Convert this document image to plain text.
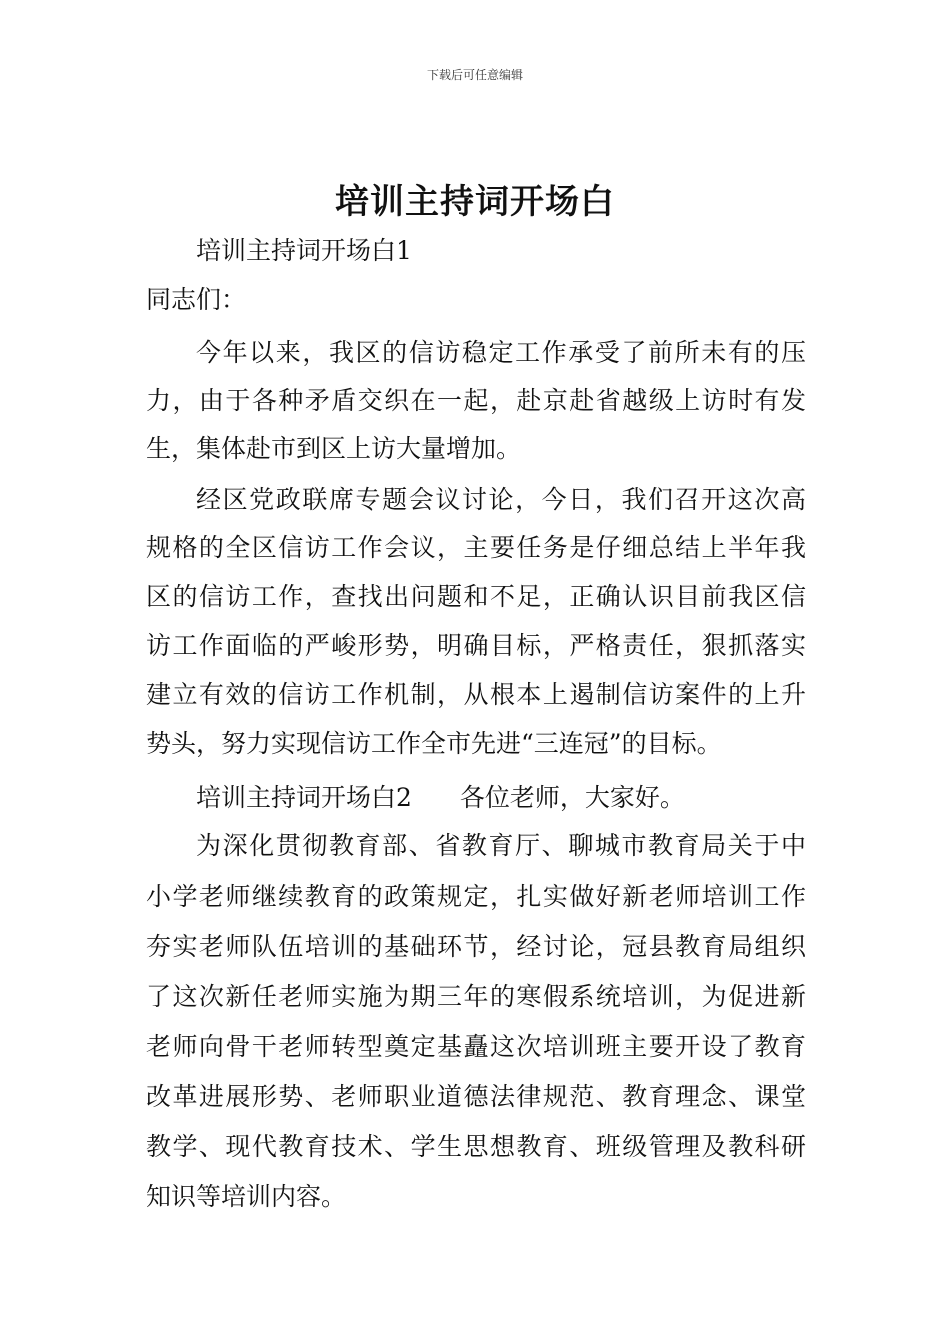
下载后可任意编辑
培训主持词开场白
培训主持词开场白1
同志们：
今年以来，我区的信访稳定工作承受了前所未有的压
力，由于各种矛盾交织在一起，赴京赴省越级上访时有发
生，集体赴市到区上访大量增加。
经区党政联席专题会议讨论，今日，我们召开这次高
规格的全区信访工作会议，主要任务是仔细总结上半年我
区的信访工作，查找出问题和不足，正确认识目前我区信
访工作面临的严峻形势，明确目标，严格责任，狠抓落实
建立有效的信访工作机制，从根本上遏制信访案件的上升
势头，努力实现信访工作全市先进“三连冠”的目标。
培训主持词开场白2 各位老师，大家好。
为深化贯彻教育部、省教育厅、聊城市教育局关于中
小学老师继续教育的政策规定，扎实做好新老师培训工作
夯实老师队伍培训的基础环节，经讨论，冠县教育局组织
了这次新任老师实施为期三年的寒假系统培训，为促进新
老师向骨干老师转型奠定基矗这次培训班主要开设了教育
改革进展形势、老师职业道德法律规范、教育理念、课堂
教学、现代教育技术、学生思想教育、班级管理及教科研
知识等培训内容。
